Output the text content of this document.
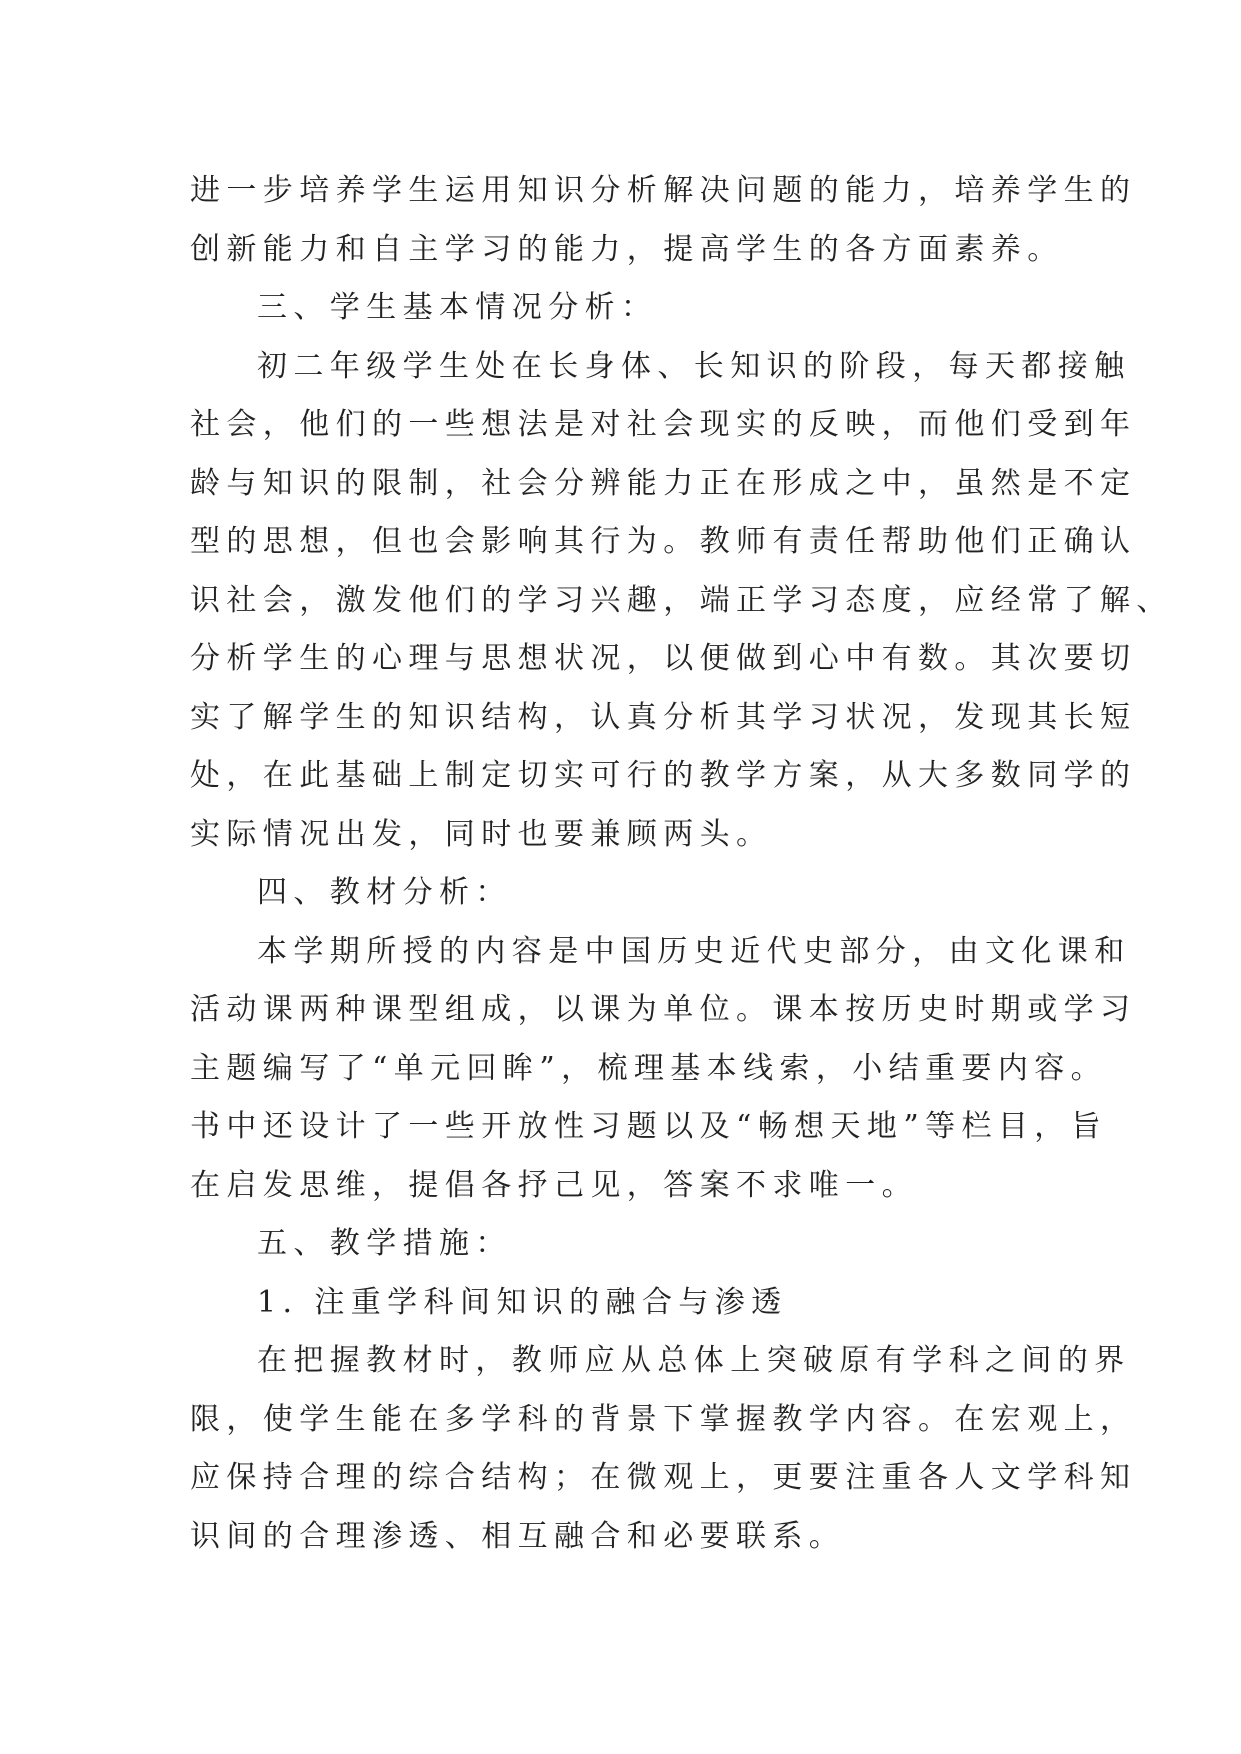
进一步培养学生运用知识分析解决问题的能力，培养学生的
创新能力和自主学习的能力，提高学生的各方面素养。
三、学生基本情况分析：
初二年级学生处在长身体、长知识的阶段，每天都接触
社会，他们的一些想法是对社会现实的反映，而他们受到年
龄与知识的限制，社会分辨能力正在形成之中，虽然是不定
型的思想，但也会影响其行为。教师有责任帮助他们正确认
识社会，激发他们的学习兴趣，端正学习态度，应经常了解、
分析学生的心理与思想状况，以便做到心中有数。其次要切
实了解学生的知识结构，认真分析其学习状况，发现其长短
处，在此基础上制定切实可行的教学方案，从大多数同学的
实际情况出发，同时也要兼顾两头。
四、教材分析：
本学期所授的内容是中国历史近代史部分，由文化课和
活动课两种课型组成，以课为单位。课本按历史时期或学习
主题编写了“单元回眸”，梳理基本线索，小结重要内容。
书中还设计了一些开放性习题以及“畅想天地”等栏目，旨
在启发思维，提倡各抒己见，答案不求唯一。
五、教学措施：
1. 注重学科间知识的融合与渗透
在把握教材时，教师应从总体上突破原有学科之间的界
限，使学生能在多学科的背景下掌握教学内容。在宏观上，
应保持合理的综合结构；在微观上，更要注重各人文学科知
识间的合理渗透、相互融合和必要联系。
